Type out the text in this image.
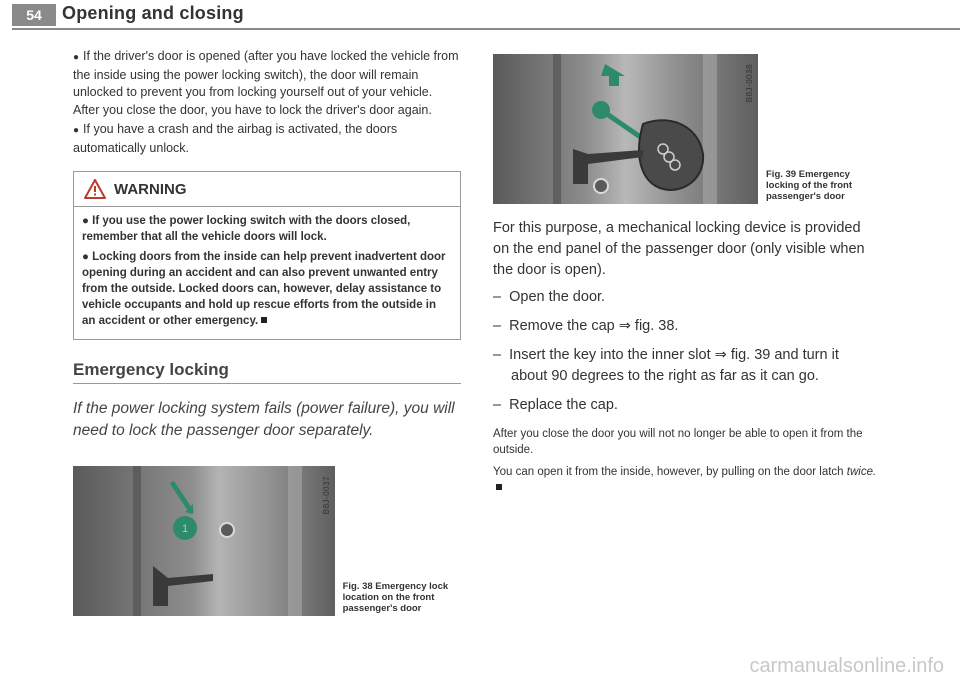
54	Opening and closing

● If the driver's door is opened (after you have locked the vehicle from the inside using the power locking switch), the door will remain unlocked to prevent you from locking yourself out of your vehicle. After you close the door, you have to lock the driver's door again.

● If you have a crash and the airbag is activated, the doors automatically unlock.

WARNING

● If you use the power locking switch with the doors closed, remember that all the vehicle doors will lock.

● Locking doors from the inside can help prevent inadvertent door opening during an accident and can also prevent unwanted entry from the outside. Locked doors can, however, delay assistance to vehicle occupants and hold up rescue efforts from the outside in an accident or other emergency.

Emergency locking
If the power locking system fails (power failure), you will need to lock the passenger door separately.
1
B8J-0037
Fig. 38 Emergency lock location on the front passenger's door
B8J-0038
Fig. 39 Emergency locking of the front passenger's door

For this purpose, a mechanical locking device is provided on the end panel of the passenger door (only visible when the door is open).

–  Open the door.

–  Remove the cap ⇒ fig. 38.

–  Insert the key into the inner slot ⇒ fig. 39 and turn it about 90 degrees to the right as far as it can go.

–  Replace the cap.

After you close the door you will not no longer be able to open it from the outside.

You can open it from the inside, however, by pulling on the door latch twice.

carmanualsonline.info
